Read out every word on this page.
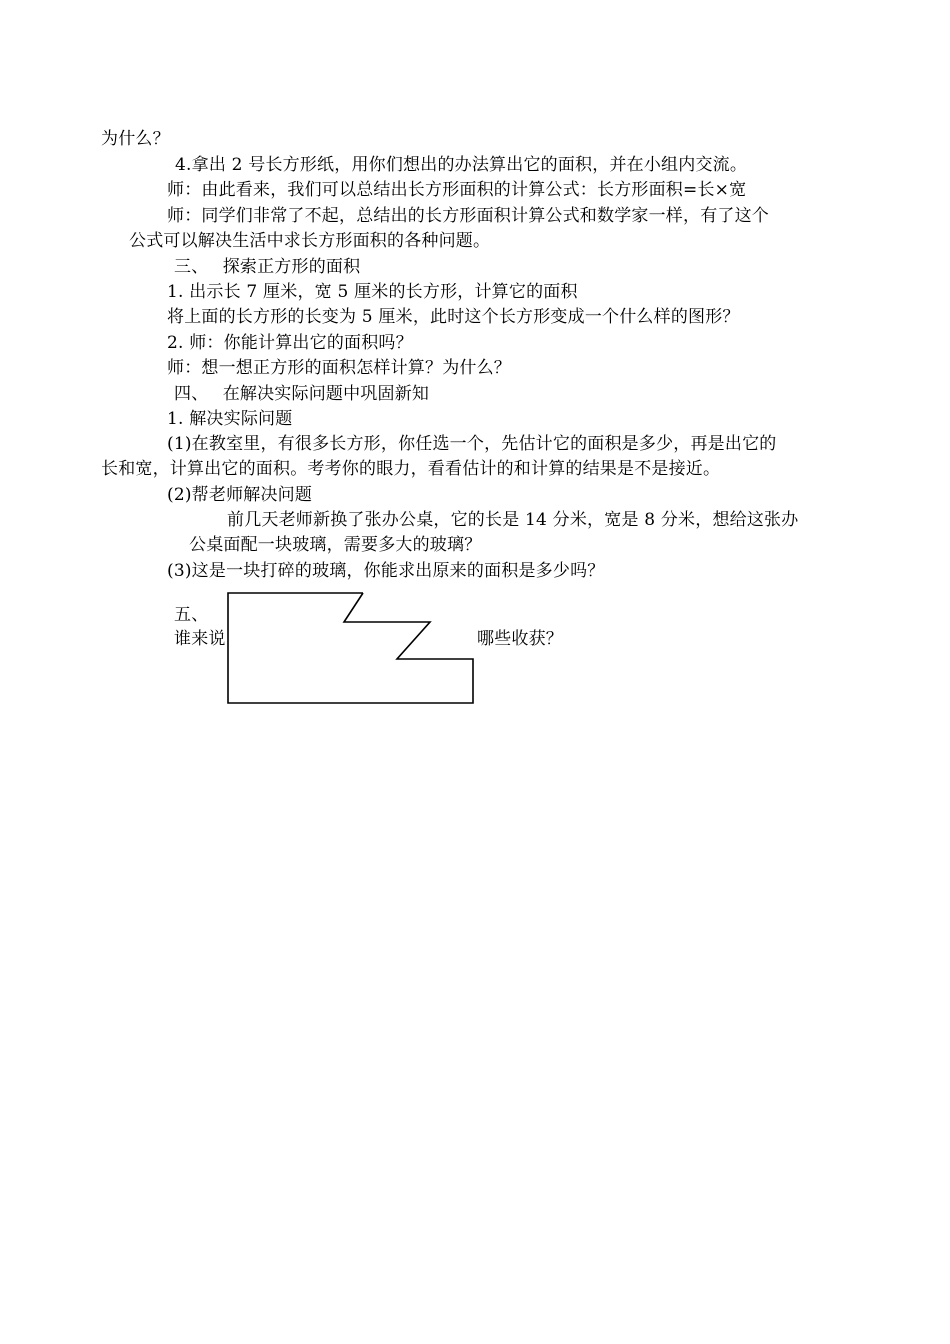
为什么？
4.拿出 2 号长方形纸，用你们想出的办法算出它的面积，并在小组内交流。
师：由此看来，我们可以总结出长方形面积的计算公式：长方形面积=长×宽
师：同学们非常了不起，总结出的长方形面积计算公式和数学家一样，有了这个
公式可以解决生活中求长方形面积的各种问题。
三、　 探索正方形的面积
1. 出示长 7 厘米，宽 5 厘米的长方形，计算它的面积
将上面的长方形的长变为 5 厘米，此时这个长方形变成一个什么样的图形？
2. 师：你能计算出它的面积吗？
师：想一想正方形的面积怎样计算？为什么？
四、　 在解决实际问题中巩固新知
1. 解决实际问题
(1)在教室里，有很多长方形，你任选一个，先估计它的面积是多少，再是出它的
长和宽，计算出它的面积。考考你的眼力，看看估计的和计算的结果是不是接近。
(2)帮老师解决问题
前几天老师新换了张办公桌，它的长是 14 分米，宽是 8 分米，想给这张办
公桌面配一块玻璃，需要多大的玻璃？
(3)这是一块打碎的玻璃，你能求出原来的面积是多少吗？
五、
谁来说	哪些收获？
